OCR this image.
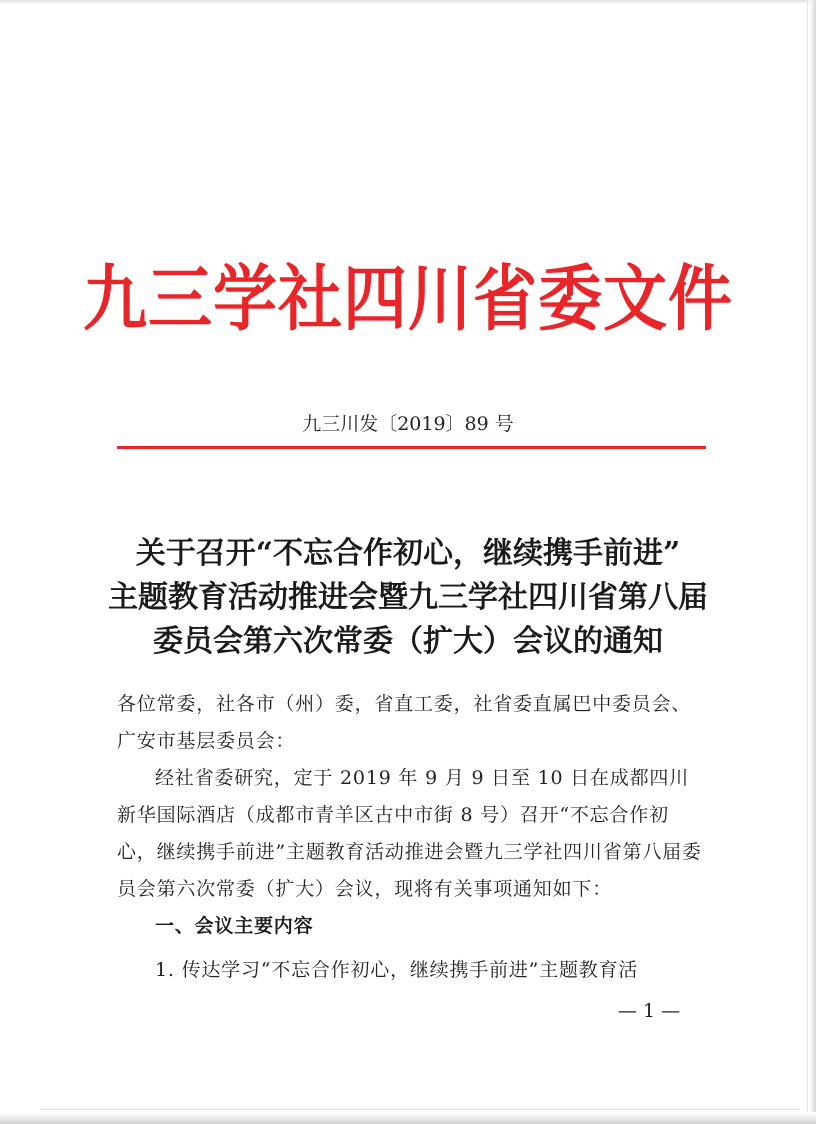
九三学社四川省委文件
九三川发〔2019〕89 号
关于召开“不忘合作初心，继续携手前进”
主题教育活动推进会暨九三学社四川省第八届
委员会第六次常委（扩大）会议的通知
各位常委，社各市（州）委，省直工委，社省委直属巴中委员会、广安市基层委员会：
经社省委研究，定于 2019 年 9 月 9 日至 10 日在成都四川新华国际酒店（成都市青羊区古中市街 8 号）召开“不忘合作初心，继续携手前进”主题教育活动推进会暨九三学社四川省第八届委员会第六次常委（扩大）会议，现将有关事项通知如下：
一、会议主要内容
1. 传达学习“不忘合作初心，继续携手前进”主题教育活
— 1 —
